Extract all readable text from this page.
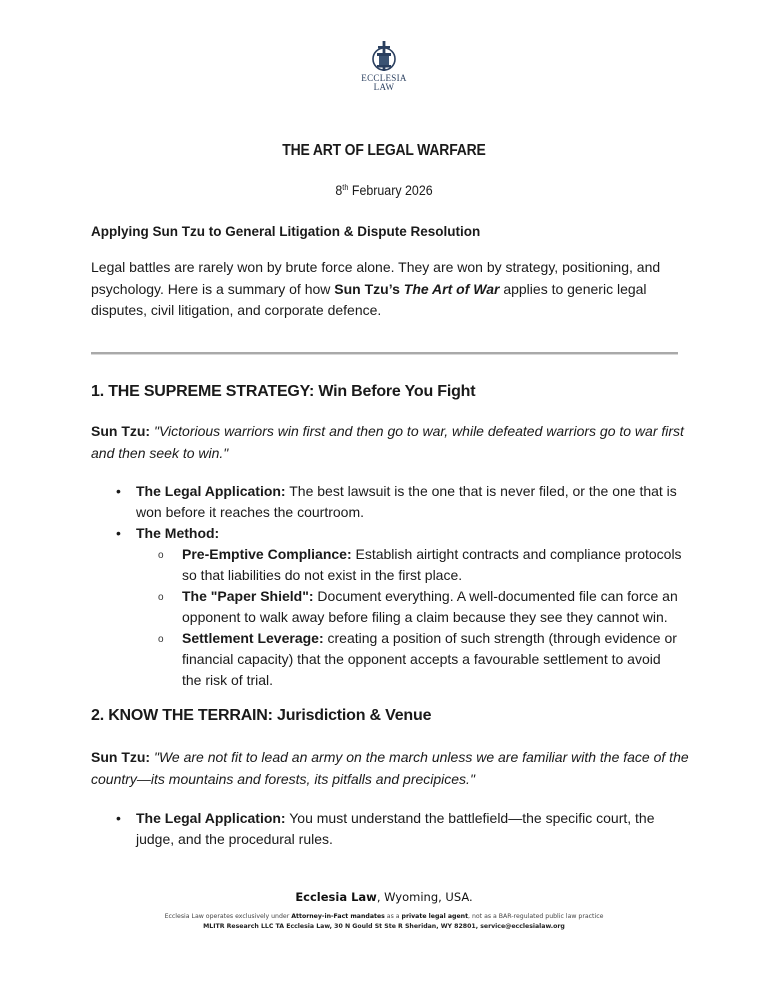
ECCLESIA
LAW
THE ART OF LEGAL WARFARE
8th February 2026
Applying Sun Tzu to General Litigation & Dispute Resolution
Legal battles are rarely won by brute force alone. They are won by strategy, positioning, and psychology. Here is a summary of how Sun Tzu’s The Art of War applies to generic legal disputes, civil litigation, and corporate defence.
1. THE SUPREME STRATEGY: Win Before You Fight
Sun Tzu: "Victorious warriors win first and then go to war, while defeated warriors go to war first and then seek to win."
• The Legal Application: The best lawsuit is the one that is never filed, or the one that is won before it reaches the courtroom.
• The Method:
o Pre-Emptive Compliance: Establish airtight contracts and compliance protocols so that liabilities do not exist in the first place.
o The "Paper Shield": Document everything. A well-documented file can force an opponent to walk away before filing a claim because they see they cannot win.
o Settlement Leverage: creating a position of such strength (through evidence or financial capacity) that the opponent accepts a favourable settlement to avoid the risk of trial.
2. KNOW THE TERRAIN: Jurisdiction & Venue
Sun Tzu: "We are not fit to lead an army on the march unless we are familiar with the face of the country—its mountains and forests, its pitfalls and precipices."
• The Legal Application: You must understand the battlefield—the specific court, the judge, and the procedural rules.
Ecclesia Law, Wyoming, USA.
Ecclesia Law operates exclusively under Attorney-in-Fact mandates as a private legal agent, not as a BAR-regulated public law practice
MLITR Research LLC TA Ecclesia Law, 30 N Gould St Ste R Sheridan, WY 82801, service@ecclesialaw.org
